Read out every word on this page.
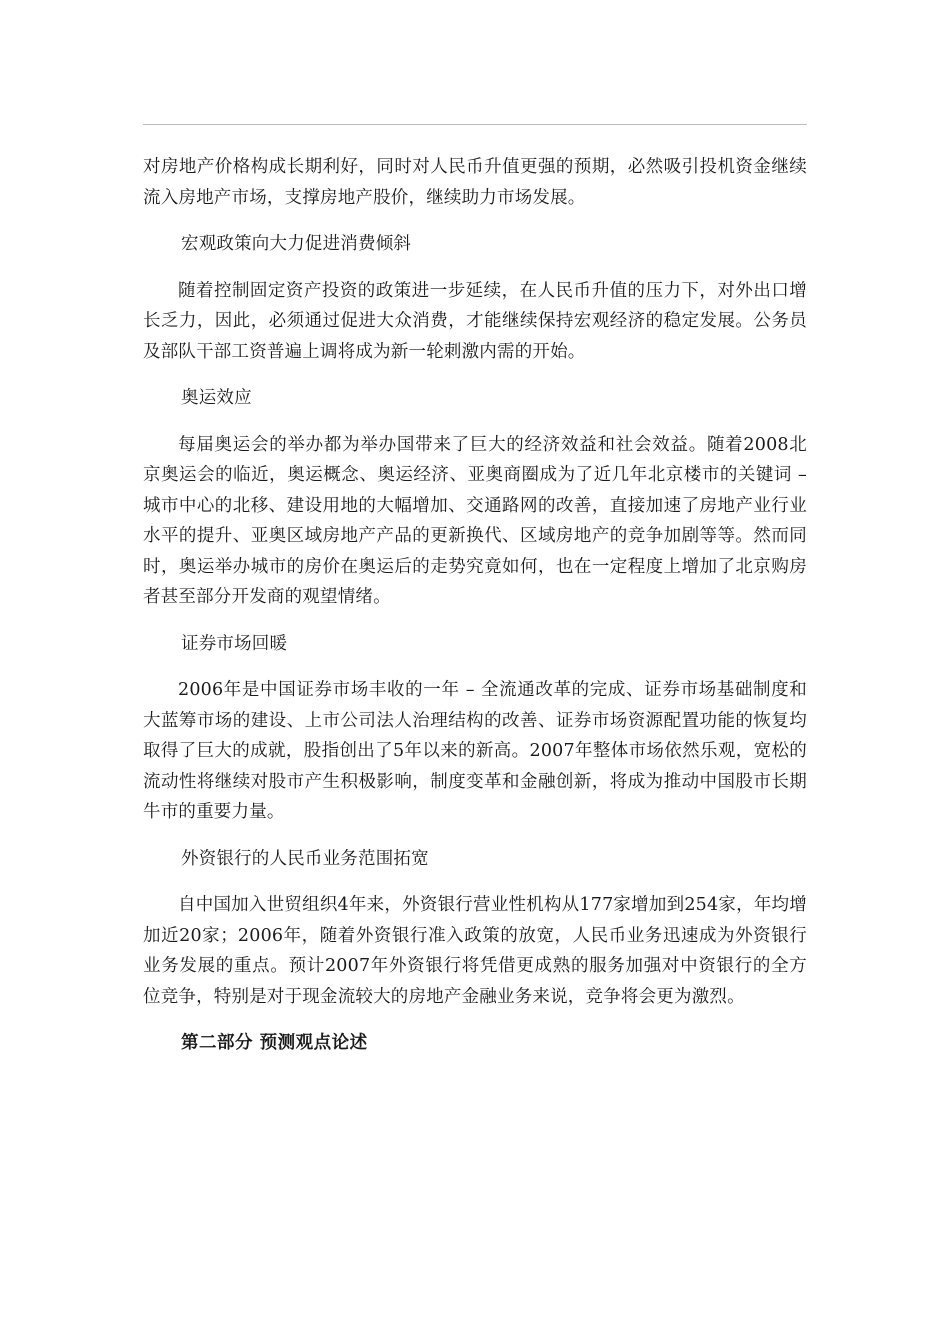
对房地产价格构成长期利好，同时对人民币升值更强的预期，必然吸引投机资金继续流入房地产市场，支撑房地产股价，继续助力市场发展。

宏观政策向大力促进消费倾斜

随着控制固定资产投资的政策进一步延续，在人民币升值的压力下，对外出口增长乏力，因此，必须通过促进大众消费，才能继续保持宏观经济的稳定发展。公务员及部队干部工资普遍上调将成为新一轮刺激内需的开始。

奥运效应

每届奥运会的举办都为举办国带来了巨大的经济效益和社会效益。随着2008北京奥运会的临近，奥运概念、奥运经济、亚奥商圈成为了近几年北京楼市的关键词 – 城市中心的北移、建设用地的大幅增加、交通路网的改善，直接加速了房地产业行业水平的提升、亚奥区域房地产产品的更新换代、区域房地产的竞争加剧等等。然而同时，奥运举办城市的房价在奥运后的走势究竟如何，也在一定程度上增加了北京购房者甚至部分开发商的观望情绪。

证券市场回暖

2006年是中国证券市场丰收的一年 – 全流通改革的完成、证券市场基础制度和大蓝筹市场的建设、上市公司法人治理结构的改善、证券市场资源配置功能的恢复均取得了巨大的成就，股指创出了5年以来的新高。2007年整体市场依然乐观，宽松的流动性将继续对股市产生积极影响，制度变革和金融创新，将成为推动中国股市长期牛市的重要力量。

外资银行的人民币业务范围拓宽

自中国加入世贸组织4年来，外资银行营业性机构从177家增加到254家，年均增加近20家；2006年，随着外资银行准入政策的放宽，人民币业务迅速成为外资银行业务发展的重点。预计2007年外资银行将凭借更成熟的服务加强对中资银行的全方位竞争，特别是对于现金流较大的房地产金融业务来说，竞争将会更为激烈。

第二部分 预测观点论述
